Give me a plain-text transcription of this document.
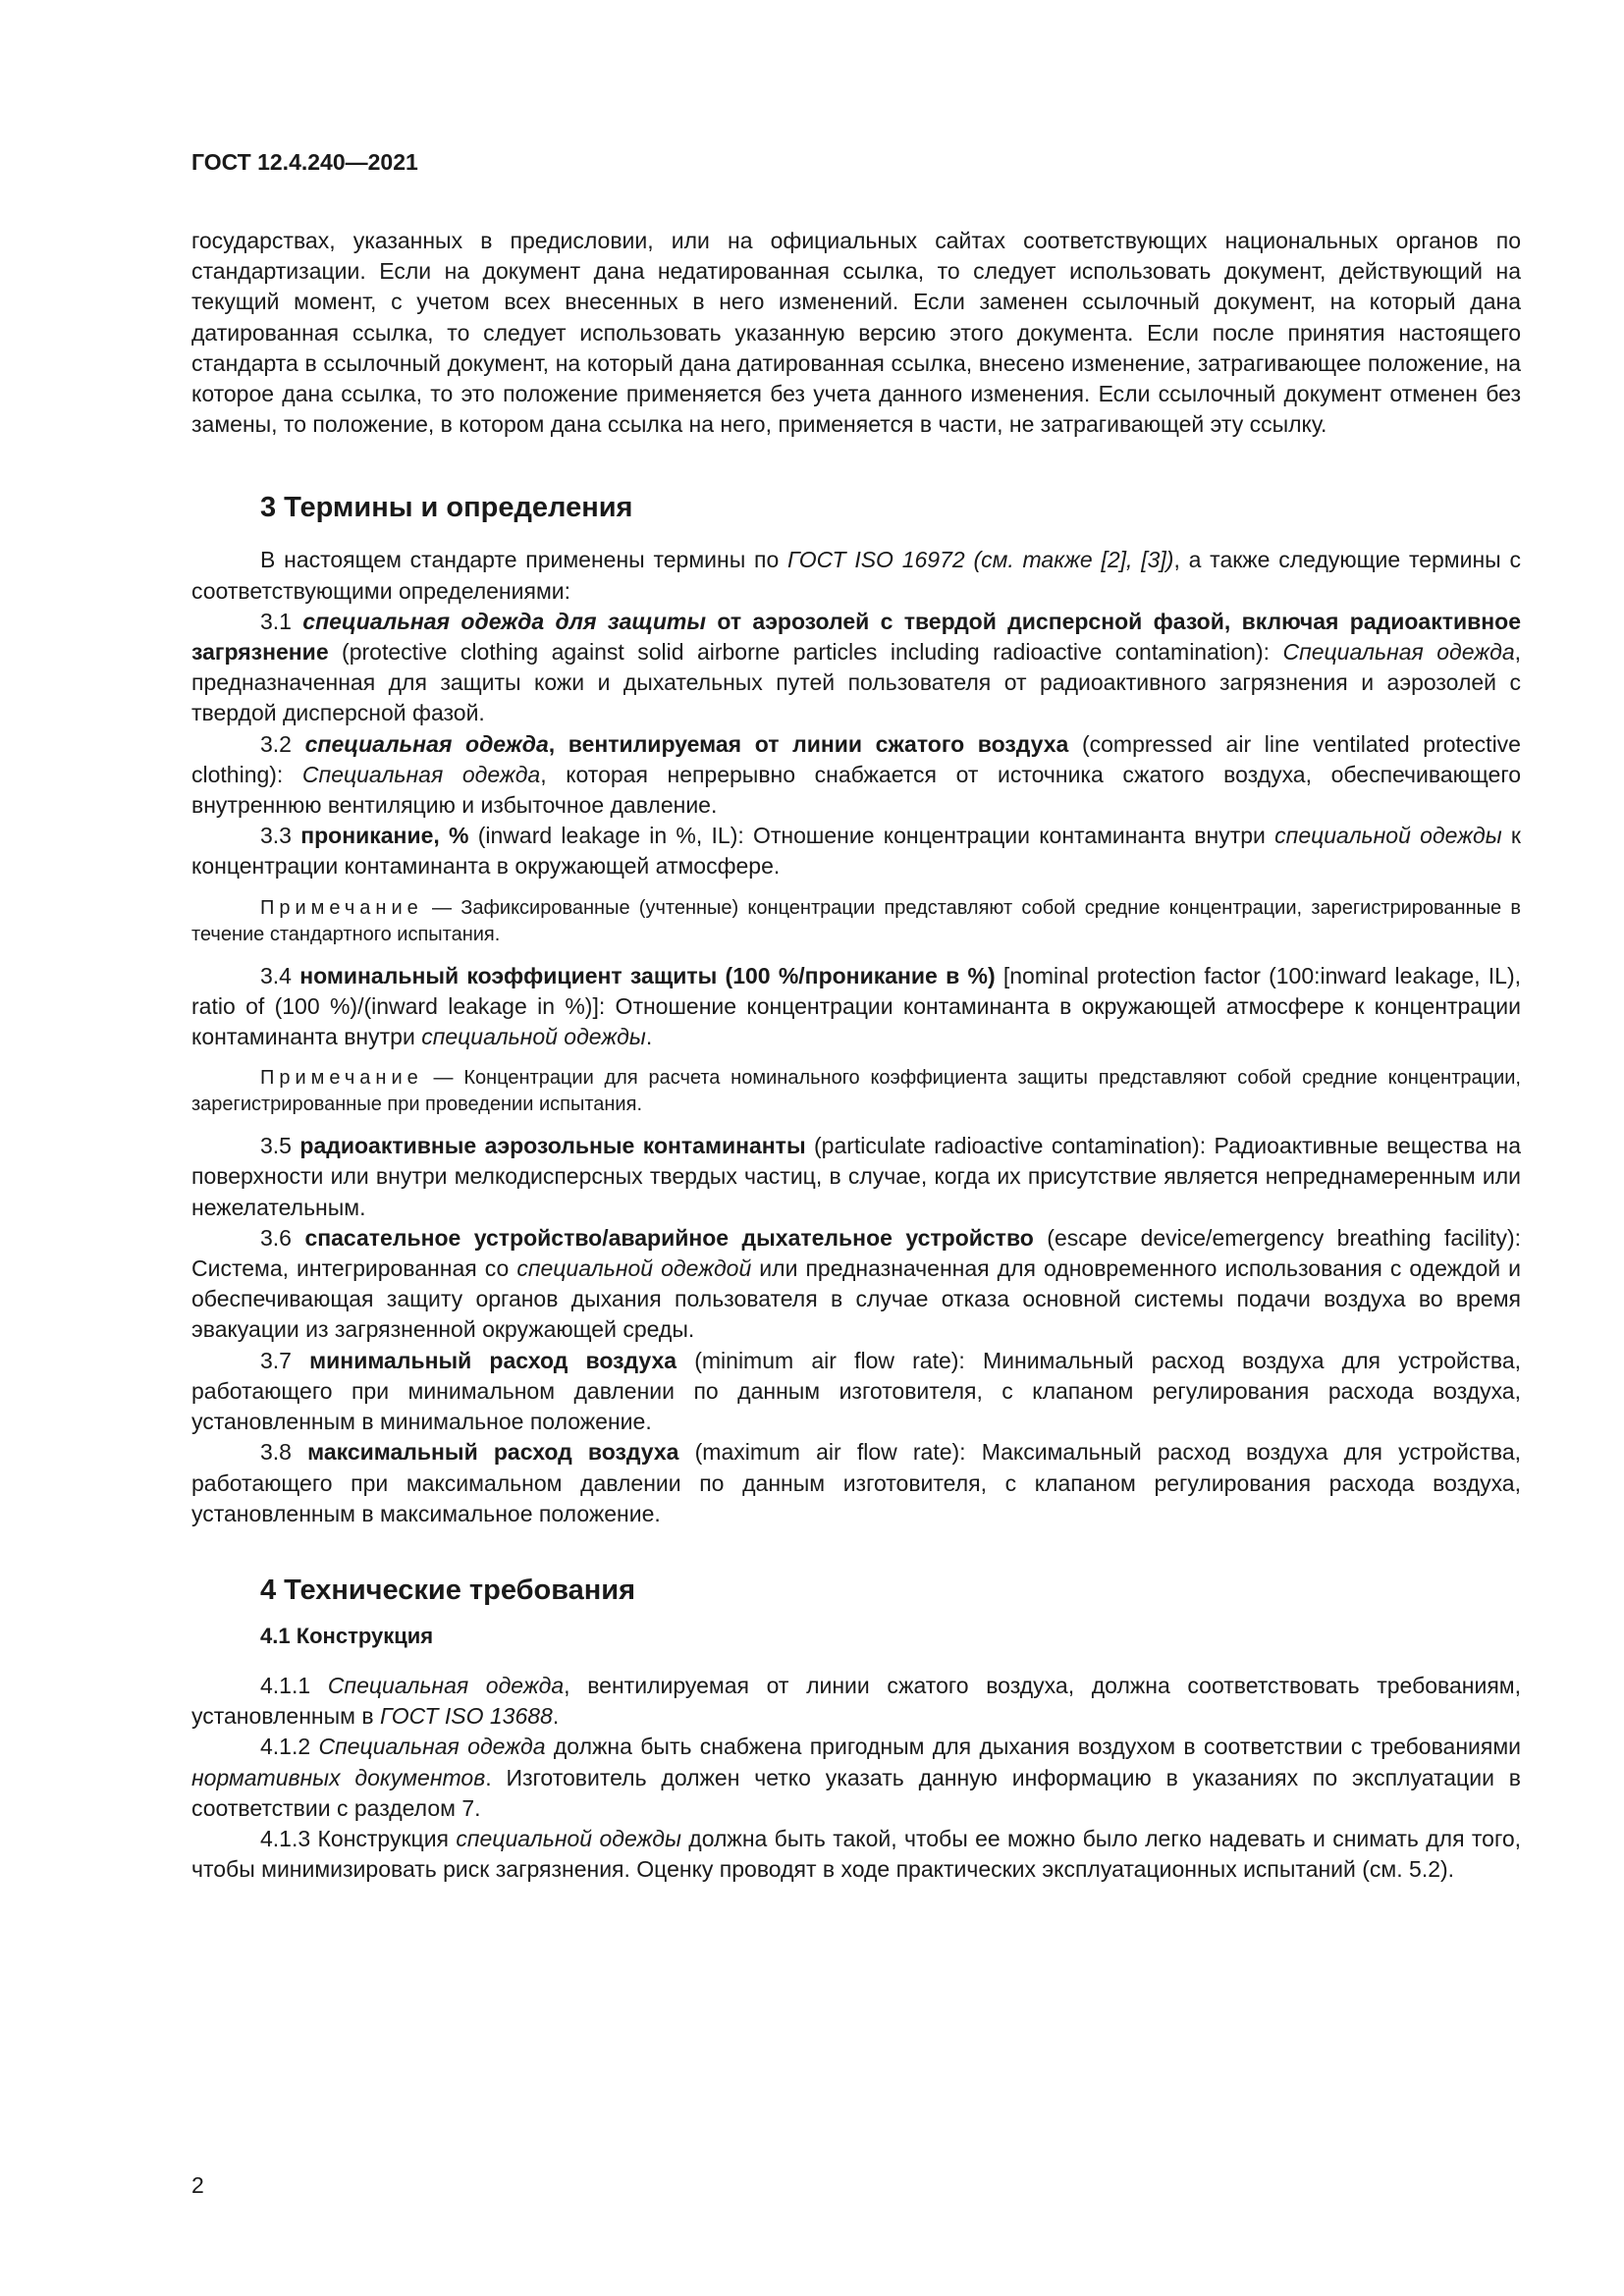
ГОСТ 12.4.240—2021

государствах, указанных в предисловии, или на официальных сайтах соответствующих национальных органов по стандартизации. Если на документ дана недатированная ссылка, то следует использовать документ, действующий на текущий момент, с учетом всех внесенных в него изменений. Если заменен ссылочный документ, на который дана датированная ссылка, то следует использовать указанную версию этого документа. Если после принятия настоящего стандарта в ссылочный документ, на который дана датированная ссылка, внесено изменение, затрагивающее положение, на которое дана ссылка, то это положение применяется без учета данного изменения. Если ссылочный документ отменен без замены, то положение, в котором дана ссылка на него, применяется в части, не затрагивающей эту ссылку.

3 Термины и определения

В настоящем стандарте применены термины по ГОСТ ISO 16972 (см. также [2], [3]), а также следующие термины с соответствующими определениями:

3.1 специальная одежда для защиты от аэрозолей с твердой дисперсной фазой, включая радиоактивное загрязнение (protective clothing against solid airborne particles including radioactive contamination): Специальная одежда, предназначенная для защиты кожи и дыхательных путей пользователя от радиоактивного загрязнения и аэрозолей с твердой дисперсной фазой.

3.2 специальная одежда, вентилируемая от линии сжатого воздуха (compressed air line ventilated protective clothing): Специальная одежда, которая непрерывно снабжается от источника сжатого воздуха, обеспечивающего внутреннюю вентиляцию и избыточное давление.

3.3 проникание, % (inward leakage in %, IL): Отношение концентрации контаминанта внутри специальной одежды к концентрации контаминанта в окружающей атмосфере.

Примечание — Зафиксированные (учтенные) концентрации представляют собой средние концентрации, зарегистрированные в течение стандартного испытания.

3.4 номинальный коэффициент защиты (100 %/проникание в %) [nominal protection factor (100:inward leakage, IL), ratio of (100 %)/(inward leakage in %)]: Отношение концентрации контаминанта в окружающей атмосфере к концентрации контаминанта внутри специальной одежды.

Примечание — Концентрации для расчета номинального коэффициента защиты представляют собой средние концентрации, зарегистрированные при проведении испытания.

3.5 радиоактивные аэрозольные контаминанты (particulate radioactive contamination): Радиоактивные вещества на поверхности или внутри мелкодисперсных твердых частиц, в случае, когда их присутствие является непреднамеренным или нежелательным.

3.6 спасательное устройство/аварийное дыхательное устройство (escape device/emergency breathing facility): Система, интегрированная со специальной одеждой или предназначенная для одновременного использования с одеждой и обеспечивающая защиту органов дыхания пользователя в случае отказа основной системы подачи воздуха во время эвакуации из загрязненной окружающей среды.

3.7 минимальный расход воздуха (minimum air flow rate): Минимальный расход воздуха для устройства, работающего при минимальном давлении по данным изготовителя, с клапаном регулирования расхода воздуха, установленным в минимальное положение.

3.8 максимальный расход воздуха (maximum air flow rate): Максимальный расход воздуха для устройства, работающего при максимальном давлении по данным изготовителя, с клапаном регулирования расхода воздуха, установленным в максимальное положение.

4 Технические требования
4.1 Конструкция

4.1.1 Специальная одежда, вентилируемая от линии сжатого воздуха, должна соответствовать требованиям, установленным в ГОСТ ISO 13688.

4.1.2 Специальная одежда должна быть снабжена пригодным для дыхания воздухом в соответствии с требованиями нормативных документов. Изготовитель должен четко указать данную информацию в указаниях по эксплуатации в соответствии с разделом 7.

4.1.3 Конструкция специальной одежды должна быть такой, чтобы ее можно было легко надевать и снимать для того, чтобы минимизировать риск загрязнения. Оценку проводят в ходе практических эксплуатационных испытаний (см. 5.2).

2
